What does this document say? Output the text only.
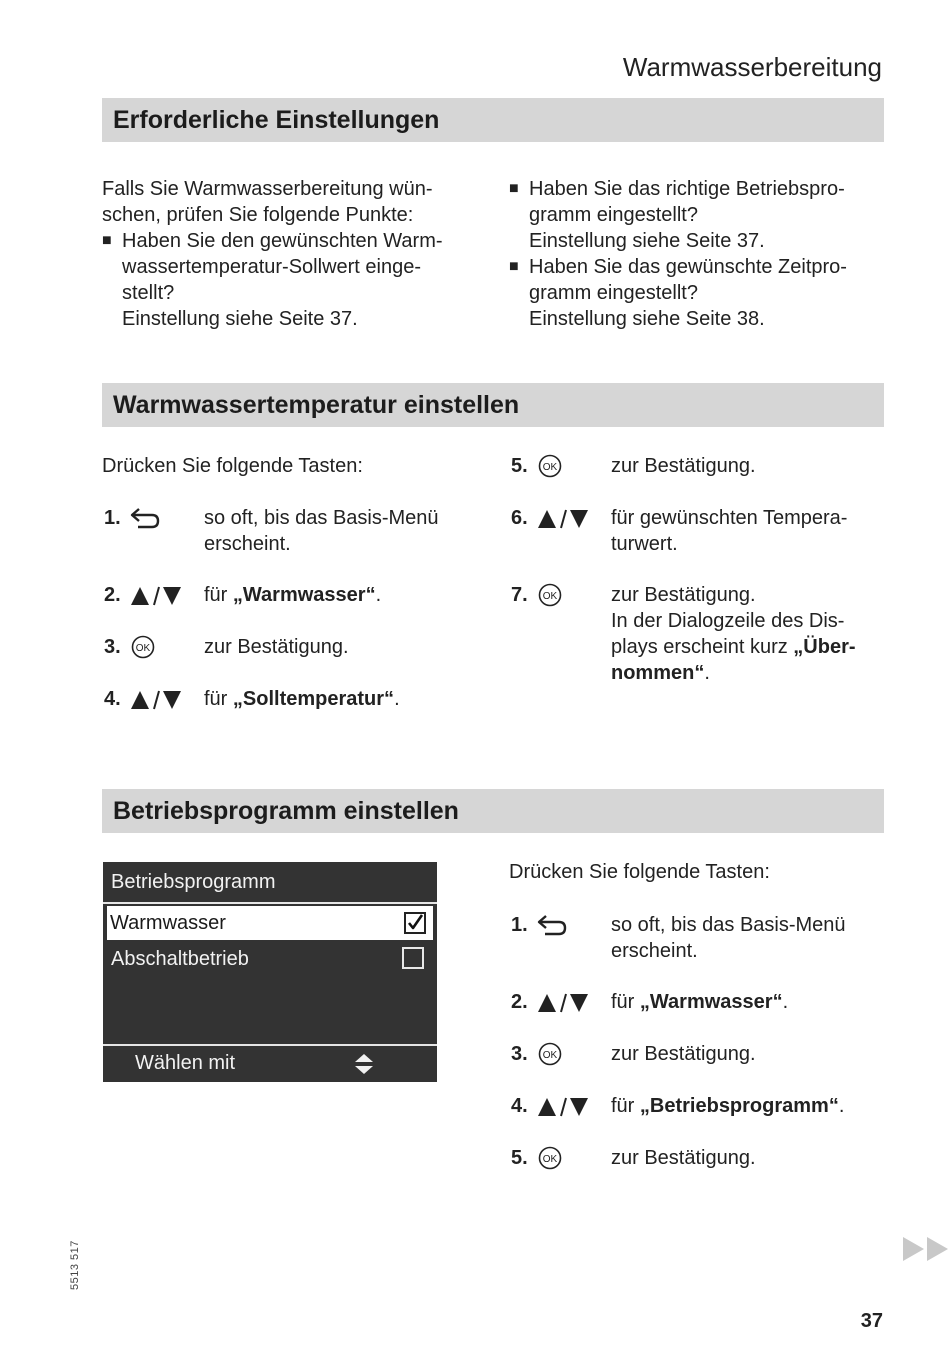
Warmwasserbereitung
Erforderliche Einstellungen
Falls Sie Warmwasserbereitung wün-
schen, prüfen Sie folgende Punkte:
■ Haben Sie den gewünschten Warm-
wassertemperatur-Sollwert einge-
stellt?
Einstellung siehe Seite 37.
■ Haben Sie das richtige Betriebspro-
gramm eingestellt?
Einstellung siehe Seite 37.
■ Haben Sie das gewünschte Zeitpro-
gramm eingestellt?
Einstellung siehe Seite 38.
Warmwassertemperatur einstellen
Drücken Sie folgende Tasten:
1.	so oft, bis das Basis-Menü
erscheint.
2.	für „Warmwasser“.
3. OK	zur Bestätigung.
4.	für „Solltemperatur“.
5. OK	zur Bestätigung.
6.	für gewünschten Tempera-
turwert.
7. OK	zur Bestätigung.
In der Dialogzeile des Dis-
plays erscheint kurz „Über-
nommen“.
Betriebsprogramm einstellen
Betriebsprogramm
Warmwasser
Abschaltbetrieb
Wählen mit
Drücken Sie folgende Tasten:
1.	so oft, bis das Basis-Menü
erscheint.
2.	für „Warmwasser“.
3. OK	zur Bestätigung.
4.	für „Betriebsprogramm“.
5. OK	zur Bestätigung.
5513 517
37
